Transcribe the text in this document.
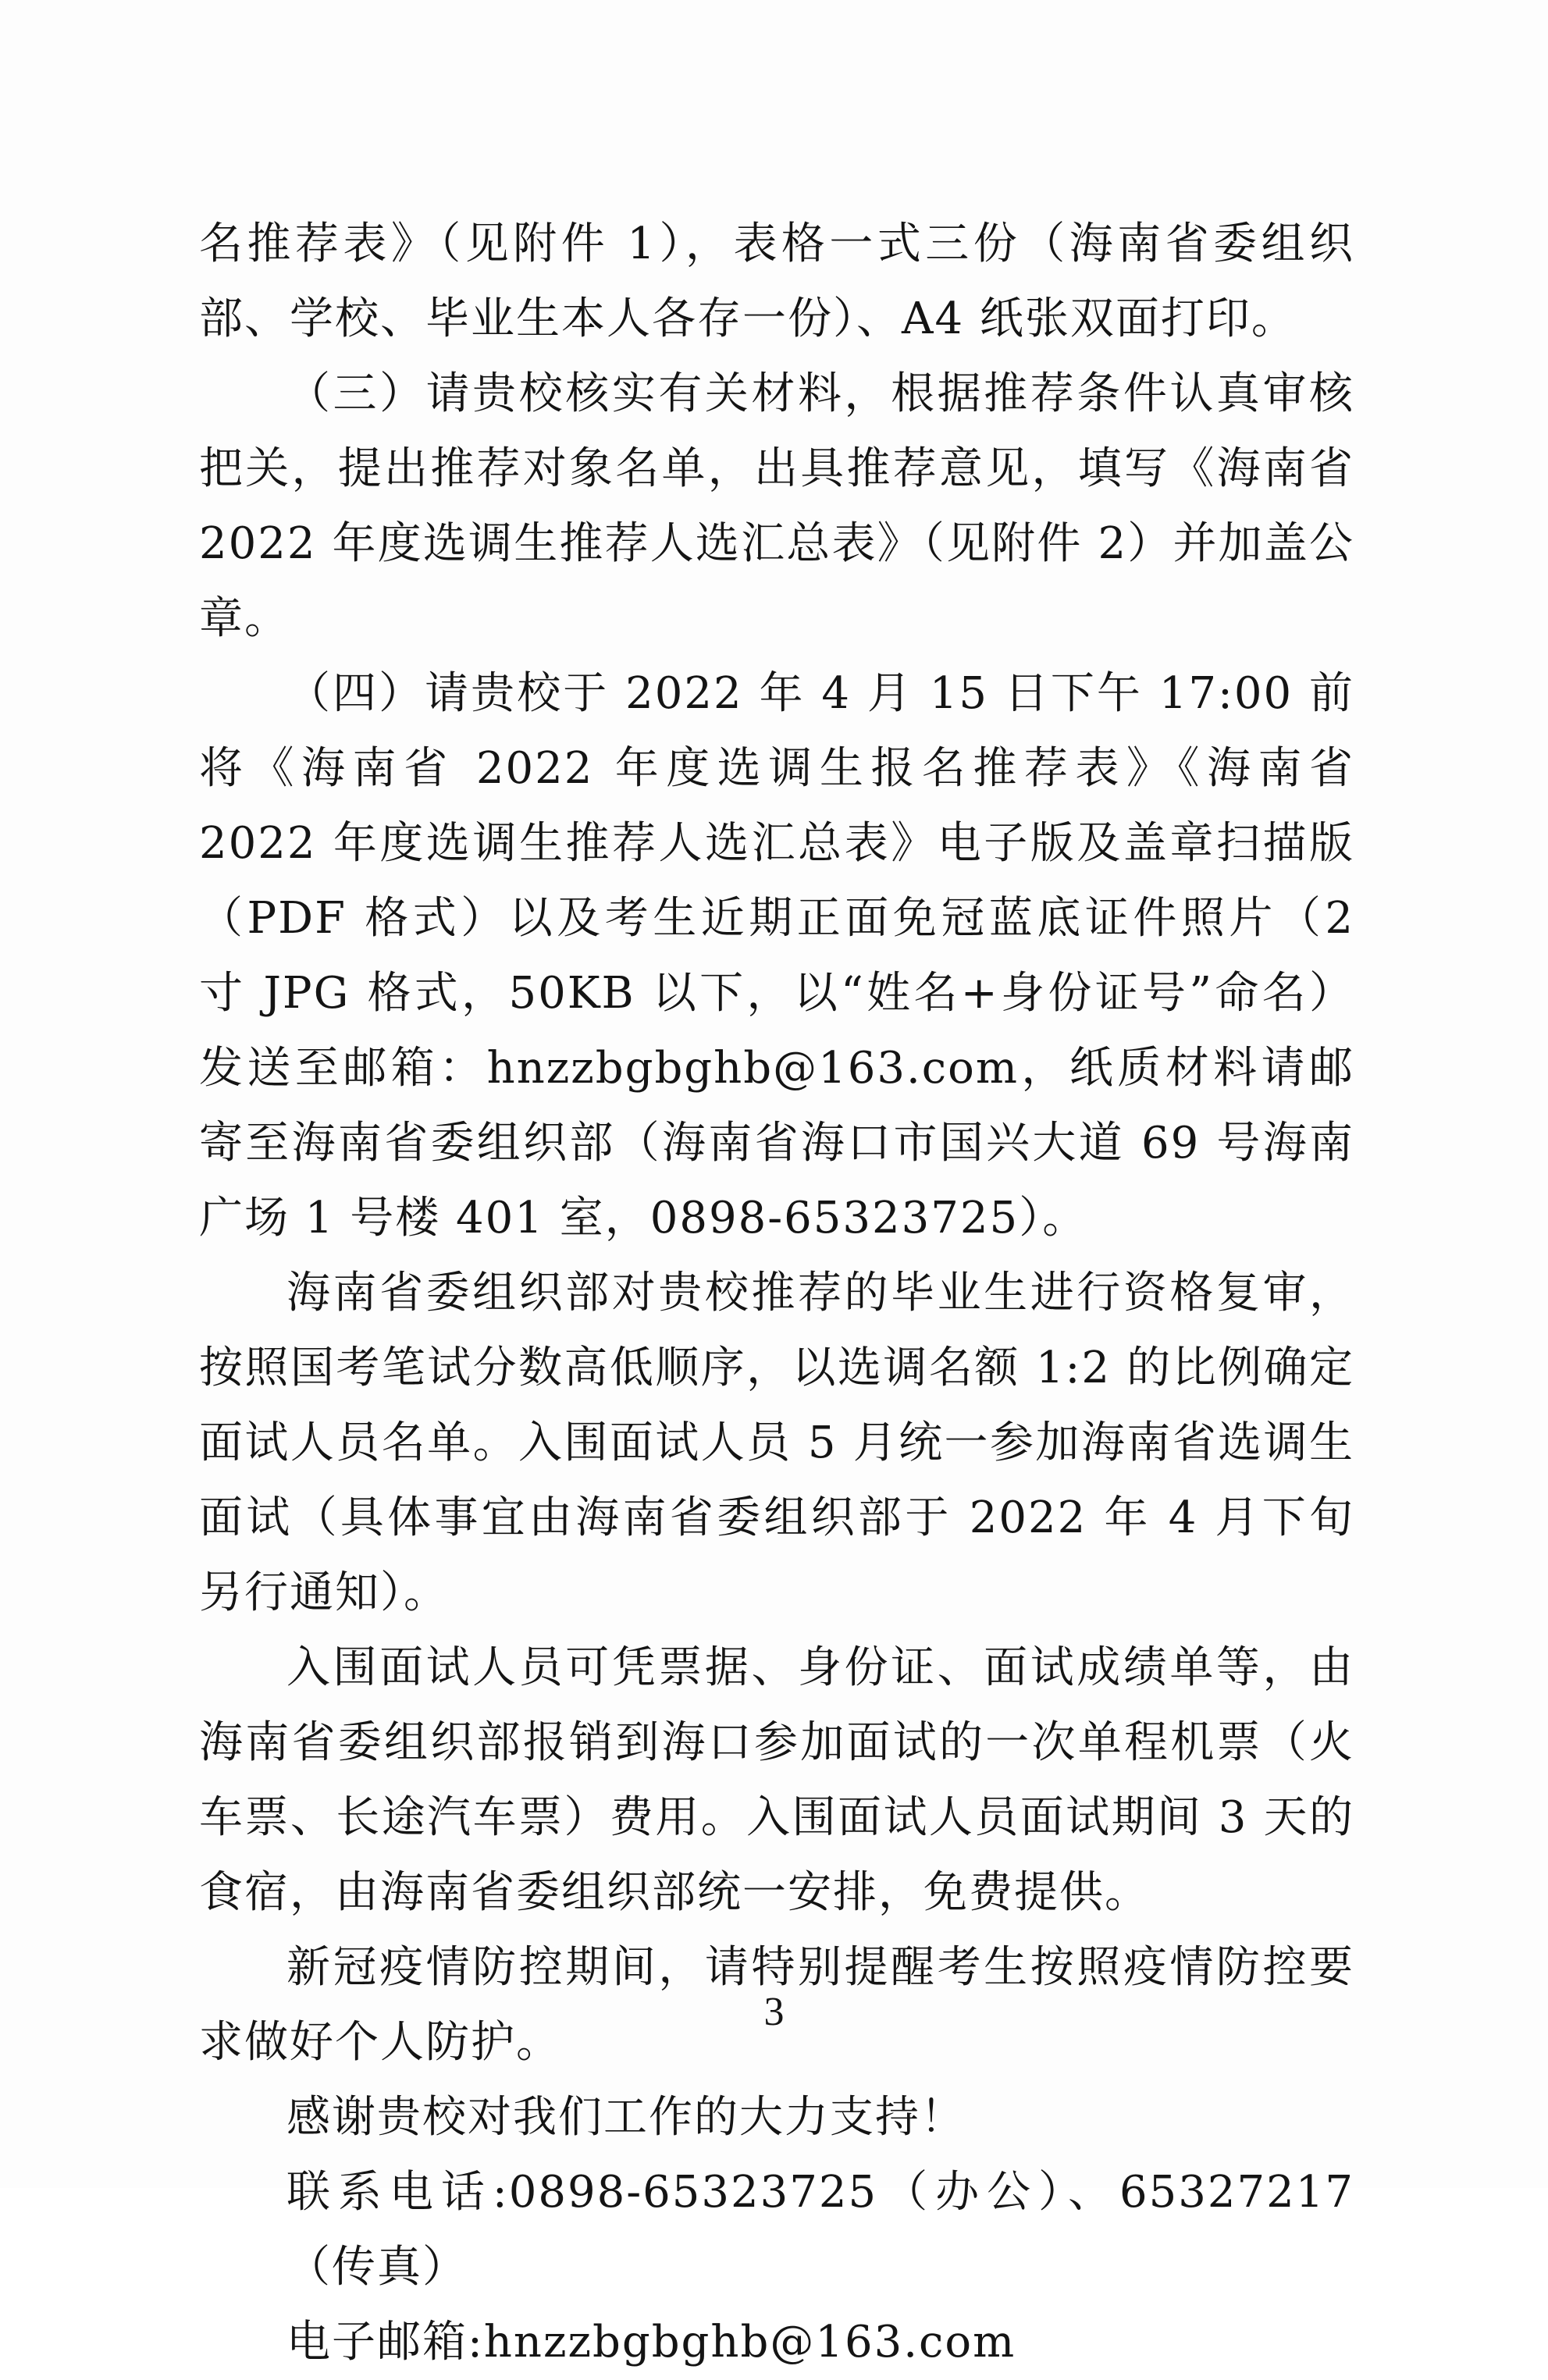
名推荐表》（见附件 1），表格一式三份（海南省委组织部、学校、毕业生本人各存一份）、A4 纸张双面打印。

（三）请贵校核实有关材料，根据推荐条件认真审核把关，提出推荐对象名单，出具推荐意见，填写《海南省 2022 年度选调生推荐人选汇总表》（见附件 2）并加盖公章。

（四）请贵校于 2022 年 4 月 15 日下午 17:00 前将《海南省 2022 年度选调生报名推荐表》《海南省 2022 年度选调生推荐人选汇总表》电子版及盖章扫描版（PDF 格式）以及考生近期正面免冠蓝底证件照片（2 寸 JPG 格式，50KB 以下，以“姓名+身份证号”命名）发送至邮箱：hnzzbgbghb@163.com，纸质材料请邮寄至海南省委组织部（海南省海口市国兴大道 69 号海南广场 1 号楼 401 室，0898-65323725）。

海南省委组织部对贵校推荐的毕业生进行资格复审，按照国考笔试分数高低顺序，以选调名额 1:2 的比例确定面试人员名单。入围面试人员 5 月统一参加海南省选调生面试（具体事宜由海南省委组织部于 2022 年 4 月下旬另行通知）。

入围面试人员可凭票据、身份证、面试成绩单等，由海南省委组织部报销到海口参加面试的一次单程机票（火车票、长途汽车票）费用。入围面试人员面试期间 3 天的食宿，由海南省委组织部统一安排，免费提供。

新冠疫情防控期间，请特别提醒考生按照疫情防控要求做好个人防护。

感谢贵校对我们工作的大力支持！

联系电话:0898-65323725（办公）、65327217（传真）

电子邮箱:hnzzbgbghb@163.com

3
